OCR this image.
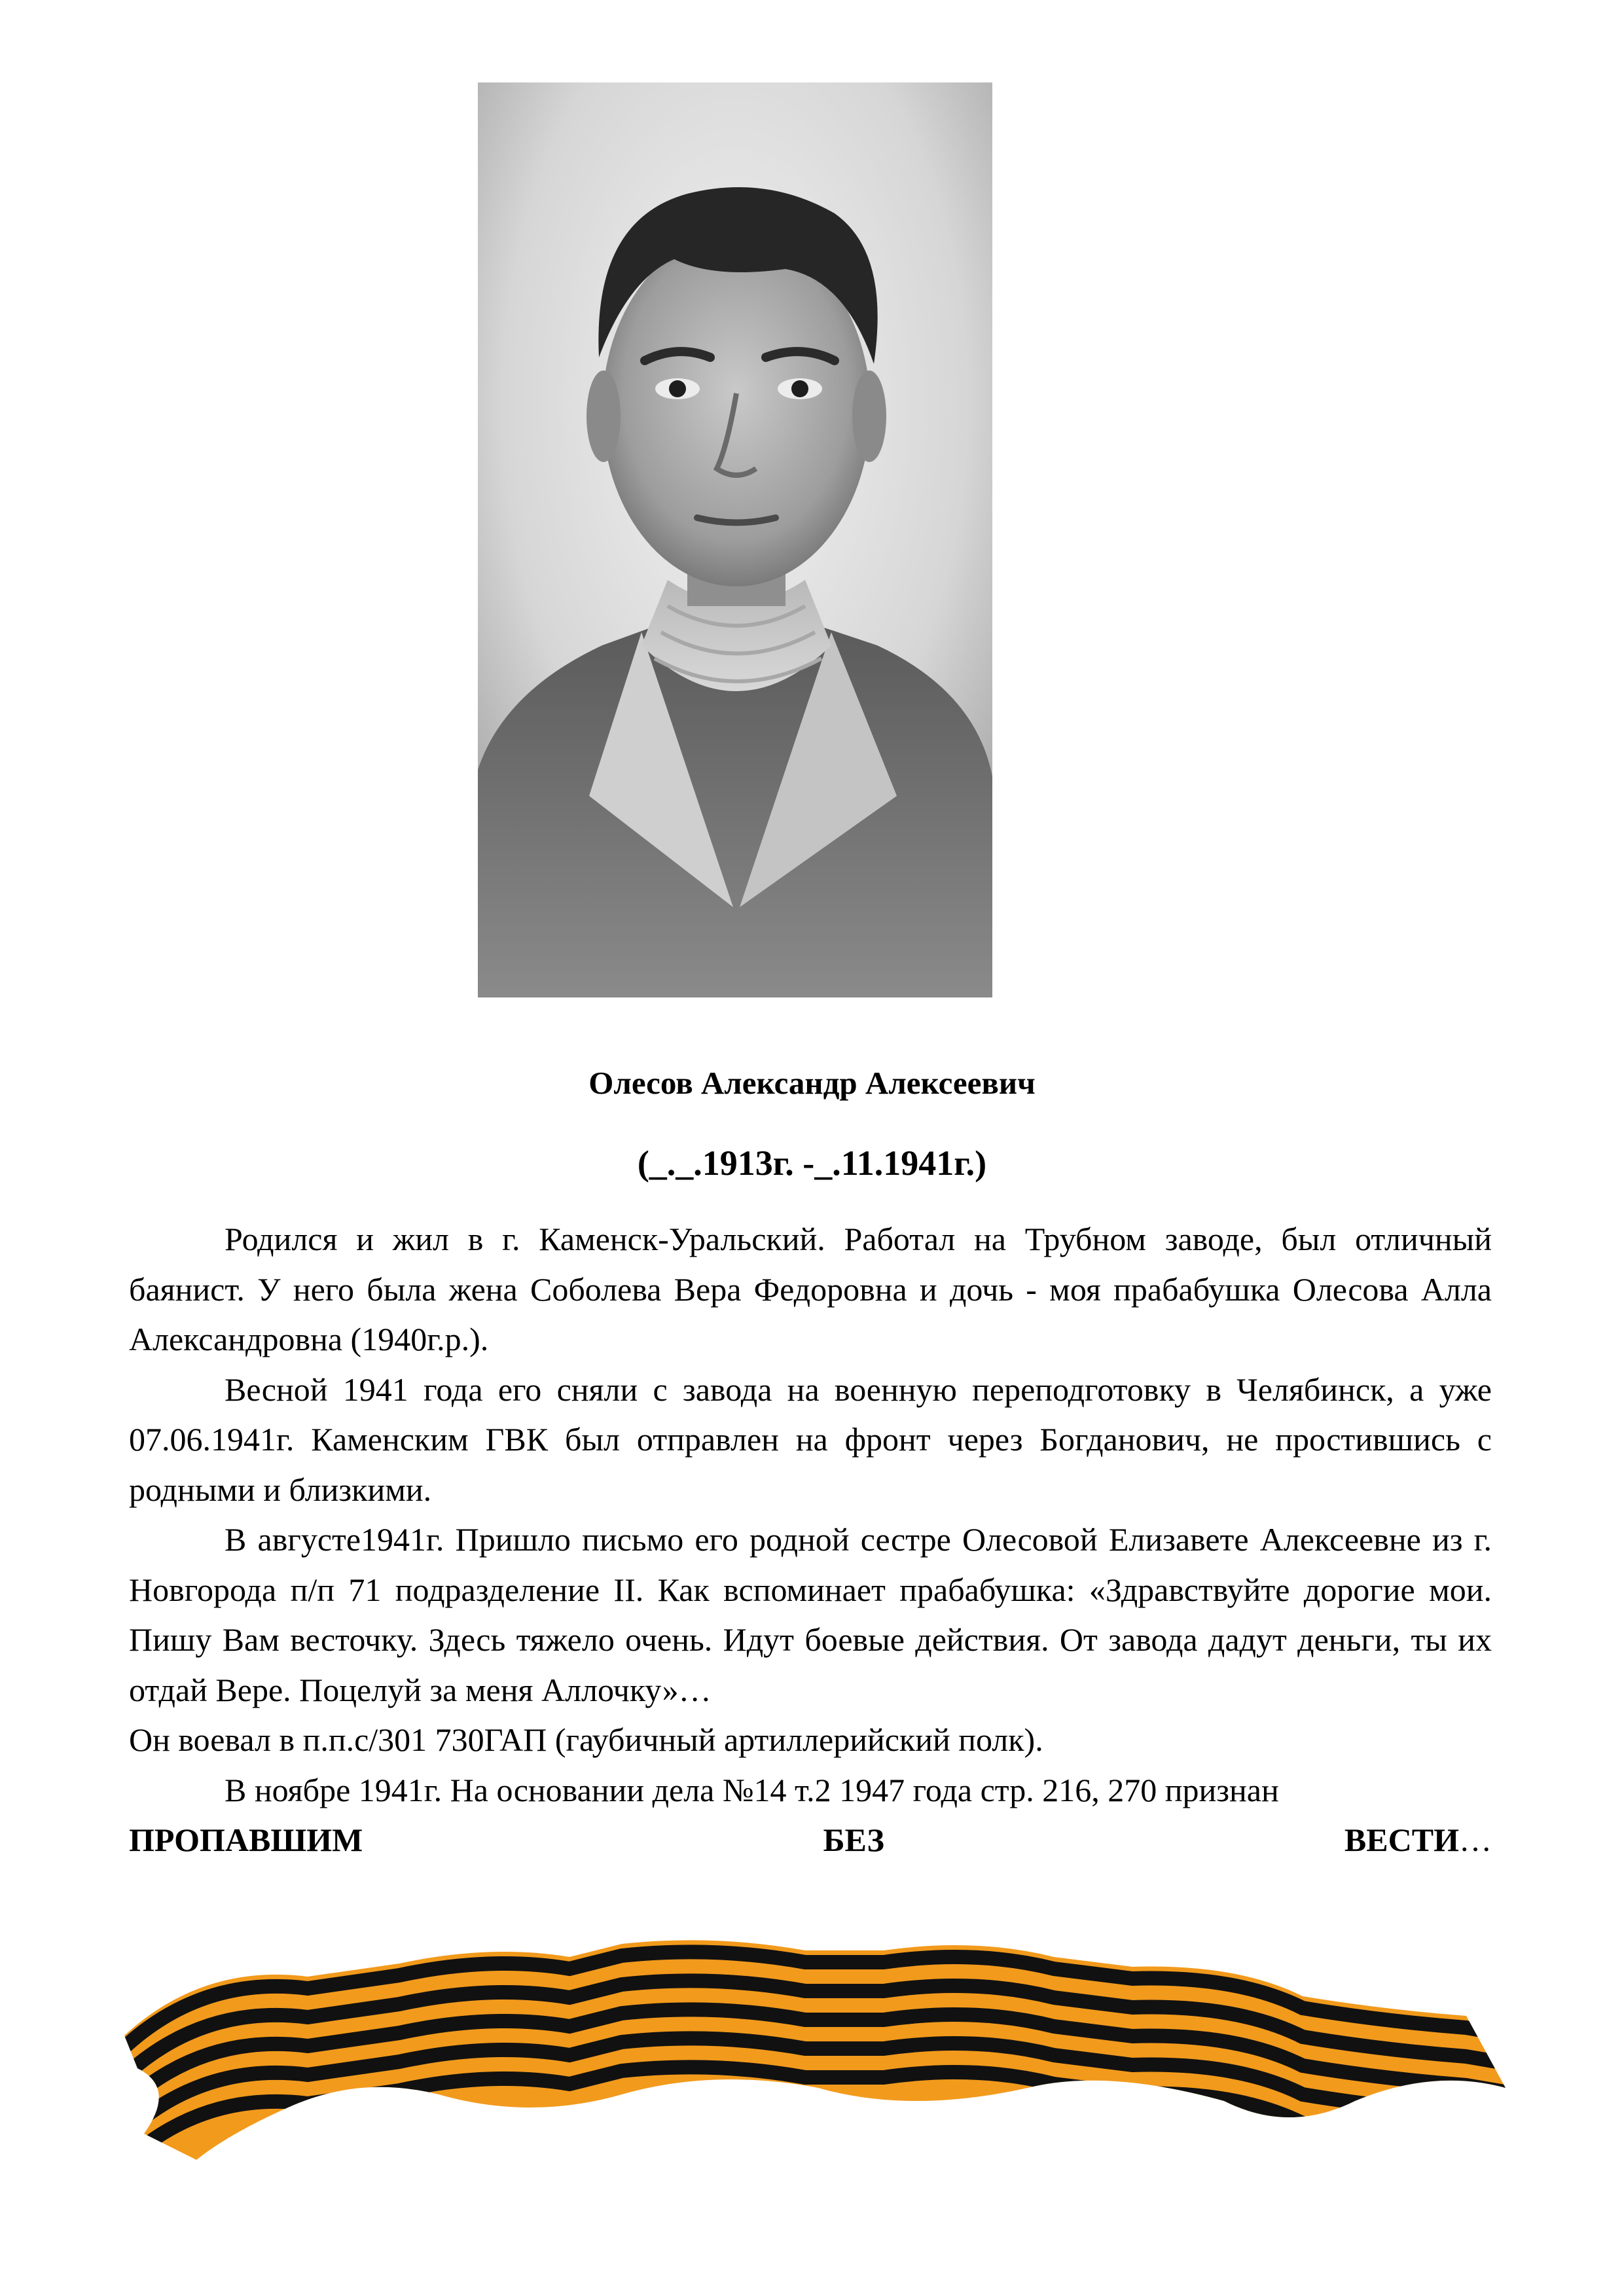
Олесов Александр Алексеевич
(_._.1913г. -_.11.1941г.)

Родился и жил в г. Каменск-Уральский. Работал на Трубном заводе, был отличный баянист. У него была жена Соболева Вера Федоровна и дочь - моя прабабушка Олесова Алла Александровна (1940г.р.).

Весной 1941 года его сняли с завода на военную переподготовку в Челябинск, а уже 07.06.1941г. Каменским ГВК был отправлен на фронт через Богданович, не простившись с родными и близкими.

В августе1941г. Пришло письмо его родной сестре Олесовой Елизавете Алексеевне из г. Новгорода п/п 71 подразделение II. Как вспоминает прабабушка: «Здравствуйте дорогие мои. Пишу Вам весточку. Здесь тяжело очень. Идут боевые действия. От завода дадут деньги, ты их отдай Вере. Поцелуй за меня Аллочку»…

Он воевал в п.п.с/301 730ГАП (гаубичный артиллерийский полк).

В ноябре 1941г. На основании дела №14 т.2 1947 года стр. 216, 270 признан

ПРОПАВШИМ	БЕЗ	ВЕСТИ…
